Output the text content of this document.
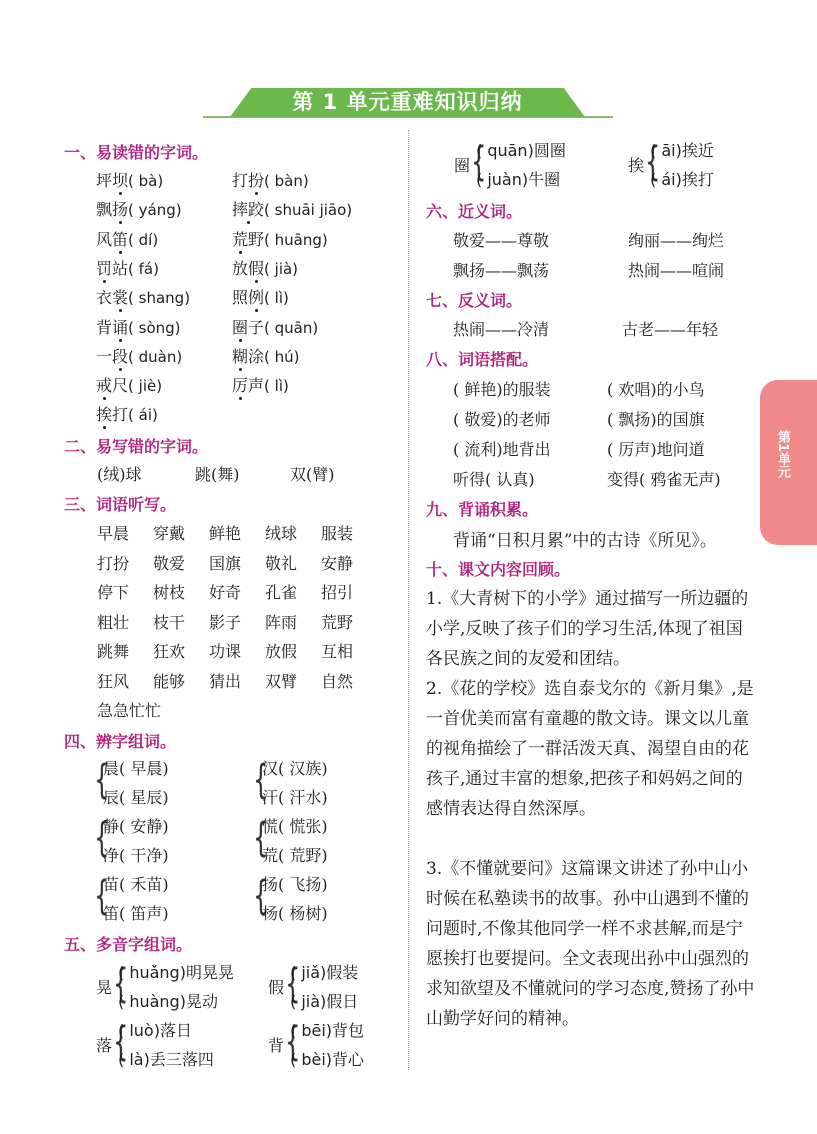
第 1 单元重难知识归纳
第1单元
一、易读错的字词。
坪坝( bà)	打扮( bàn)
飘扬( yáng)	摔跤( shuāi jiāo)
风笛( dí)	荒野( huāng)
罚站( fá)	放假( jià)
衣裳( shang)	照例( lì)
背诵( sòng)	圈子( quān)
一段( duàn)	糊涂( hú)
戒尺( jiè)	厉声( lì)
挨打( ái)
二、易写错的字词。
(绒)球	跳(舞)	双(臂)
三、词语听写。
早晨 穿戴 鲜艳 绒球 服装
打扮 敬爱 国旗 敬礼 安静
停下 树枝 好奇 孔雀 招引
粗壮 枝干 影子 阵雨 荒野
跳舞 狂欢 功课 放假 互相
狂风 能够 猜出 双臂 自然
急急忙忙
四、辨字组词。
{
晨( 早晨)
辰( 星辰) {
汉( 汉族)
汗( 汗水)
{
静( 安静)
净( 干净) {
慌( 慌张)
荒( 荒野)
{
苗( 禾苗)
笛( 笛声) {
扬( 飞扬)
杨( 杨树)
五、多音字组词。
晃 {
( huǎng)明晃晃
( huàng)晃动
假 {
( jiǎ)假装
( jià)假日
落 {
( luò)落日
( là)丢三落四
背 {
( bēi)背包
( bèi)背心
圈 {
( quān)圆圈
( juàn)牛圈
挨 {
( āi)挨近
( ái)挨打
六、近义词。
敬爱——尊敬	绚丽——绚烂
飘扬——飘荡	热闹——喧闹
七、反义词。
热闹——冷清	古老——年轻
八、词语搭配。
( 鲜艳)的服装	( 欢唱)的小鸟
( 敬爱)的老师	( 飘扬)的国旗
( 流利)地背出	( 厉声)地问道
听得( 认真)	变得( 鸦雀无声)
九、背诵积累。
背诵“日积月累”中的古诗《所见》。
十、课文内容回顾。
1.《大青树下的小学》通过描写一所边疆的小学,反映了孩子们的学习生活,体现了祖国各民族之间的友爱和团结。
2.《花的学校》选自泰戈尔的《新月集》,是一首优美而富有童趣的散文诗。课文以儿童的视角描绘了一群活泼天真、渴望自由的花孩子,通过丰富的想象,把孩子和妈妈之间的感情表达得自然深厚。
3.《不懂就要问》这篇课文讲述了孙中山小时候在私塾读书的故事。孙中山遇到不懂的问题时,不像其他同学一样不求甚解,而是宁愿挨打也要提问。全文表现出孙中山强烈的求知欲望及不懂就问的学习态度,赞扬了孙中山勤学好问的精神。
